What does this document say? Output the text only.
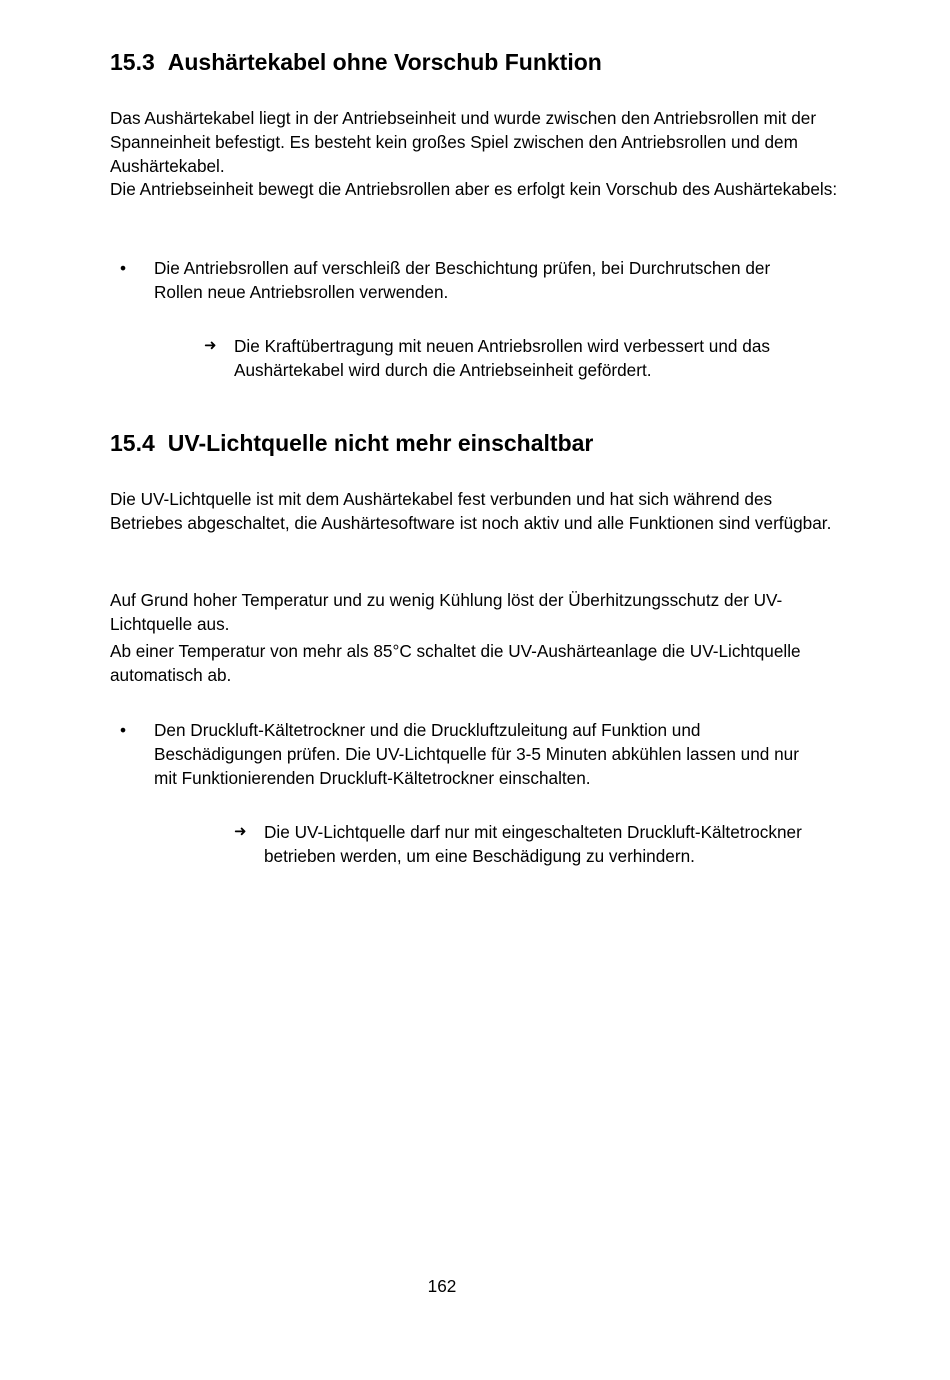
15.3 Aushärtekabel ohne Vorschub Funktion

Das Aushärtekabel liegt in der Antriebseinheit und wurde zwischen den Antriebsrollen mit der Spanneinheit befestigt. Es besteht kein großes Spiel zwischen den Antriebsrollen und dem Aushärtekabel.

Die Antriebseinheit bewegt die Antriebsrollen aber es erfolgt kein Vorschub des Aushärtekabels:

•	Die Antriebsrollen auf verschleiß der Beschichtung prüfen, bei Durchrutschen der Rollen neue Antriebsrollen verwenden.
➜ Die Kraftübertragung mit neuen Antriebsrollen wird verbessert und das Aushärtekabel wird durch die Antriebseinheit gefördert.
15.4 UV-Lichtquelle nicht mehr einschaltbar

Die UV-Lichtquelle ist mit dem Aushärtekabel fest verbunden und hat sich während des Betriebes abgeschaltet, die Aushärtesoftware ist noch aktiv und alle Funktionen sind verfügbar.

Auf Grund hoher Temperatur und zu wenig Kühlung löst der Überhitzungsschutz der UV-Lichtquelle aus.

Ab einer Temperatur von mehr als 85°C schaltet die UV-Aushärteanlage die UV-Lichtquelle automatisch ab.

•	Den Druckluft-Kältetrockner und die Druckluftzuleitung auf Funktion und Beschädigungen prüfen. Die UV-Lichtquelle für 3-5 Minuten abkühlen lassen und nur mit Funktionierenden Druckluft-Kältetrockner einschalten.
➜ Die UV-Lichtquelle darf nur mit eingeschalteten Druckluft-Kältetrockner betrieben werden, um eine Beschädigung zu verhindern.
162
